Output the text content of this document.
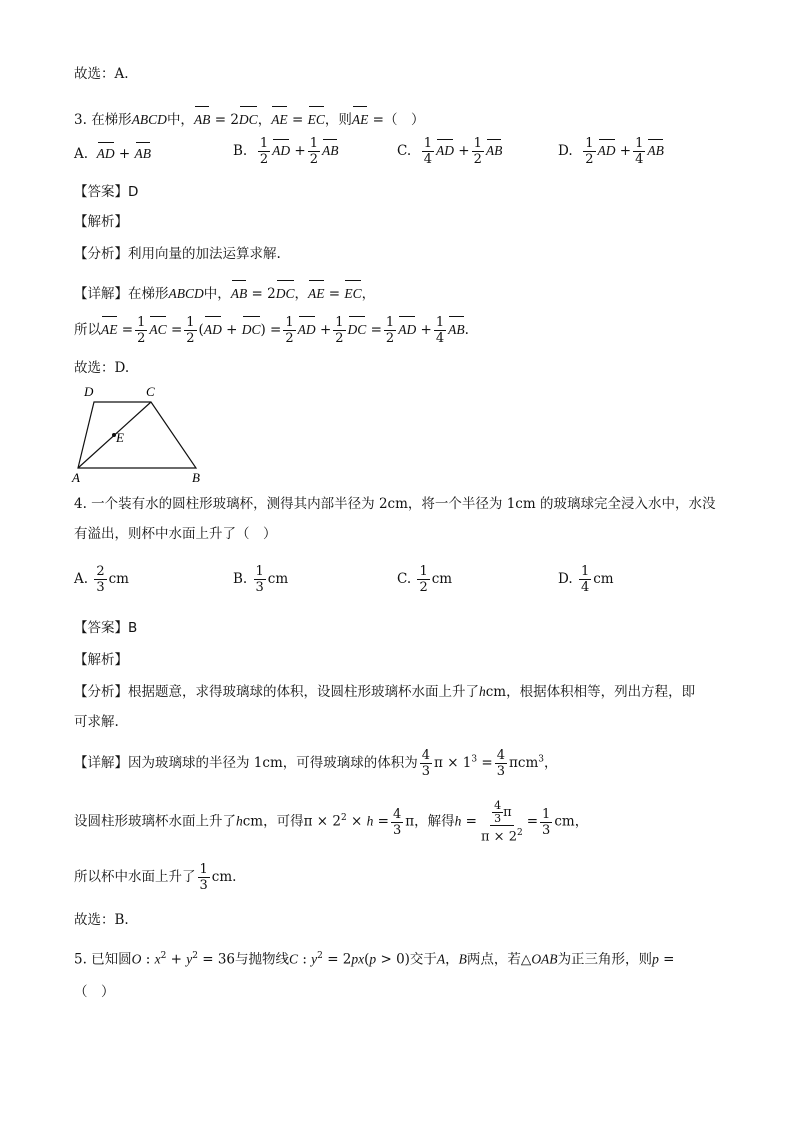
故选：A.
3. 在梯形ABCD中，AB = 2DC，AE = EC，则AE =（　）
A. AD + AB	B. $\frac{1}{2}$ AD + $\frac{1}{2}$ AB	C. $\frac{1}{4}$ AD + $\frac{1}{2}$ AB	D. $\frac{1}{2}$ AD + $\frac{1}{4}$ AB
【答案】D
【解析】
【分析】利用向量的加法运算求解.
【详解】在梯形ABCD中，AB = 2DC，AE = EC，
所以AE = $\frac{1}{2}$ AC = $\frac{1}{2} (AD + DC) = \frac{1}{2}$ AD + $\frac{1}{2}$ DC = $\frac{1}{2}$ AD + $\frac{1}{4}$ AB.
故选：D.
D	C
E
A	B
4. 一个装有水的圆柱形玻璃杯，测得其内部半径为 2cm，将一个半径为 1cm 的玻璃球完全浸入水中，水没
有溢出，则杯中水面上升了（　）
A. $\frac{2}{3}$ cm	B. $\frac{1}{3}$ cm	C. $\frac{1}{2}$ cm	D. $\frac{1}{4}$ cm
【答案】B
【解析】
【分析】根据题意，求得玻璃球的体积，设圆柱形玻璃杯水面上升了hcm，根据体积相等，列出方程，即
可求解.
【详解】因为玻璃球的半径为 1cm，可得玻璃球的体积为 $\frac{4}{3}$ $\pi \times 1^3 = \frac{4}{3} \pi cm^3$，
设圆柱形玻璃杯水面上升了hcm，可得$\pi \times 2^2 \times h = \frac{4}{3}$ π，解得$h = \frac{\frac{4}{3} \pi}{\pi \times 2^2} = \frac{1}{3}$ cm，
所以杯中水面上升了 $\frac{1}{3}$ cm.
故选：B.
5. 已知圆O : $x^2 + y^2 = 36$与抛物线C : $y^2 = 2px(p > 0)$交于A，B两点，若△OAB为正三角形，则p =
（　）
